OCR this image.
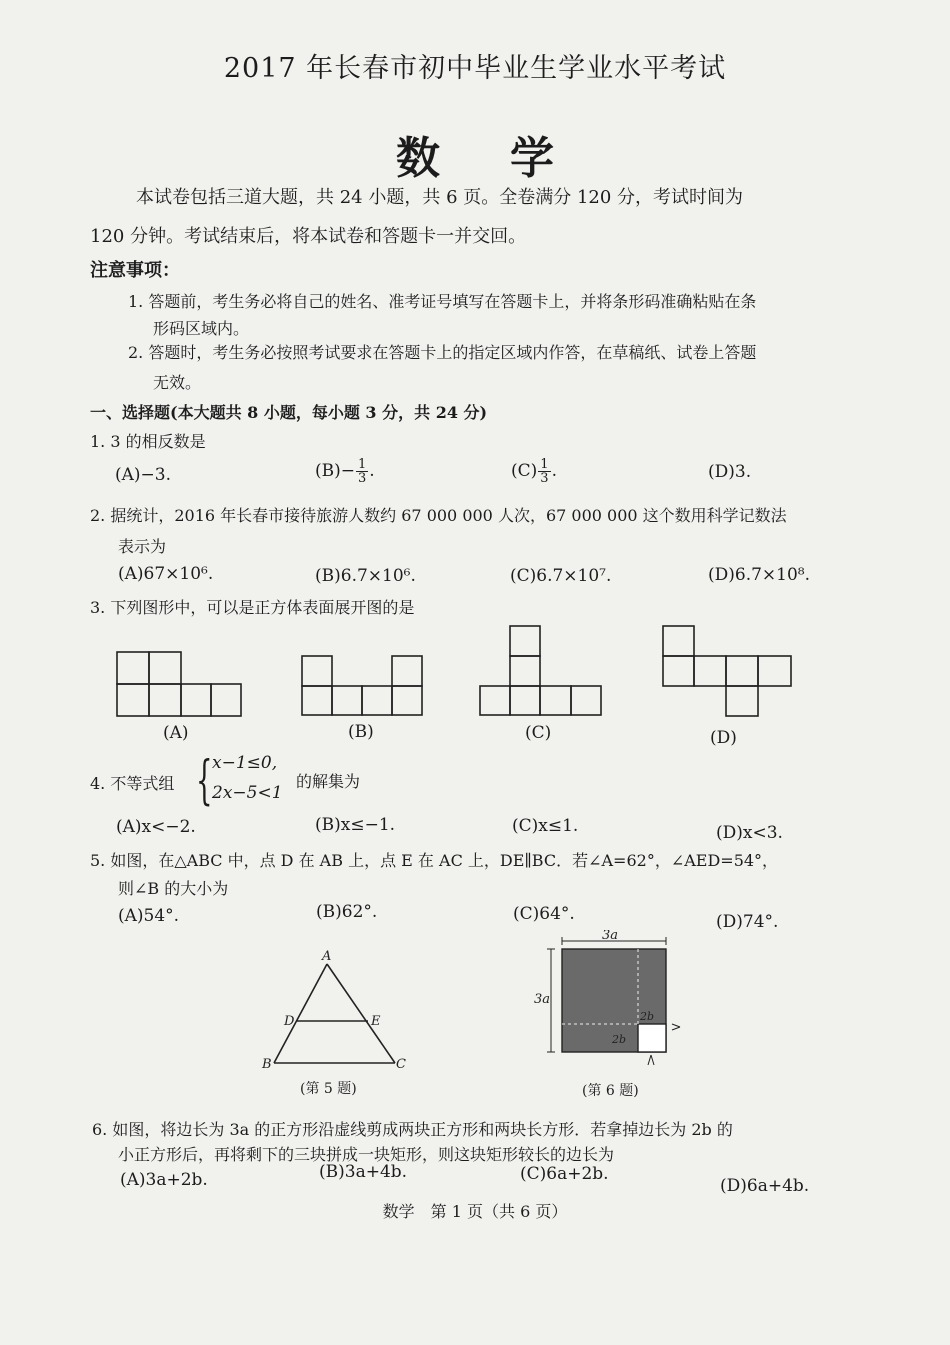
2017 年长春市初中毕业生学业水平考试
数学
本试卷包括三道大题，共 24 小题，共 6 页。全卷满分 120 分，考试时间为
120 分钟。考试结束后，将本试卷和答题卡一并交回。
注意事项：
1. 答题前，考生务必将自己的姓名、准考证号填写在答题卡上，并将条形码准确粘贴在条
形码区域内。
2. 答题时，考生务必按照考试要求在答题卡上的指定区域内作答，在草稿纸、试卷上答题
无效。
一、选择题(本大题共 8 小题，每小题 3 分，共 24 分)
1. 3 的相反数是
(A)−3.	$(B)- \frac{1}{3}$ .	$(C) \frac{1}{3}$ .	(D)3.
2. 据统计，2016 年长春市接待旅游人数约 67 000 000 人次，67 000 000 这个数用科学记数法
表示为
(A)67×10⁶.	(B)6.7×10⁶.	(C)6.7×10⁷.	(D)6.7×10⁸.
3. 下列图形中，可以是正方体表面展开图的是
(A)	(B)	(C)	(D)
4. 不等式组 { x−1≤0,
2x−5<1
的解集为
(A)x<−2.	(B)x≤−1.	(C)x≤1.	(D)x<3.
5. 如图，在△ABC 中，点 D 在 AB 上，点 E 在 AC 上，DE∥BC．若∠A=62°，∠AED=54°，
则∠B 的大小为
(A)54°.	(B)62°.	(C)64°.	(D)74°.
A
D	E
B	C
(第 5 题)
3a
3a
2b
2b
(第 6 题)
6. 如图，将边长为 3a 的正方形沿虚线剪成两块正方形和两块长方形．若拿掉边长为 2b 的
小正方形后，再将剩下的三块拼成一块矩形，则这块矩形较长的边长为
(A)3a+2b.	(B)3a+4b.	(C)6a+2b.
(D)6a+4b.
数学　第 1 页（共 6 页）
